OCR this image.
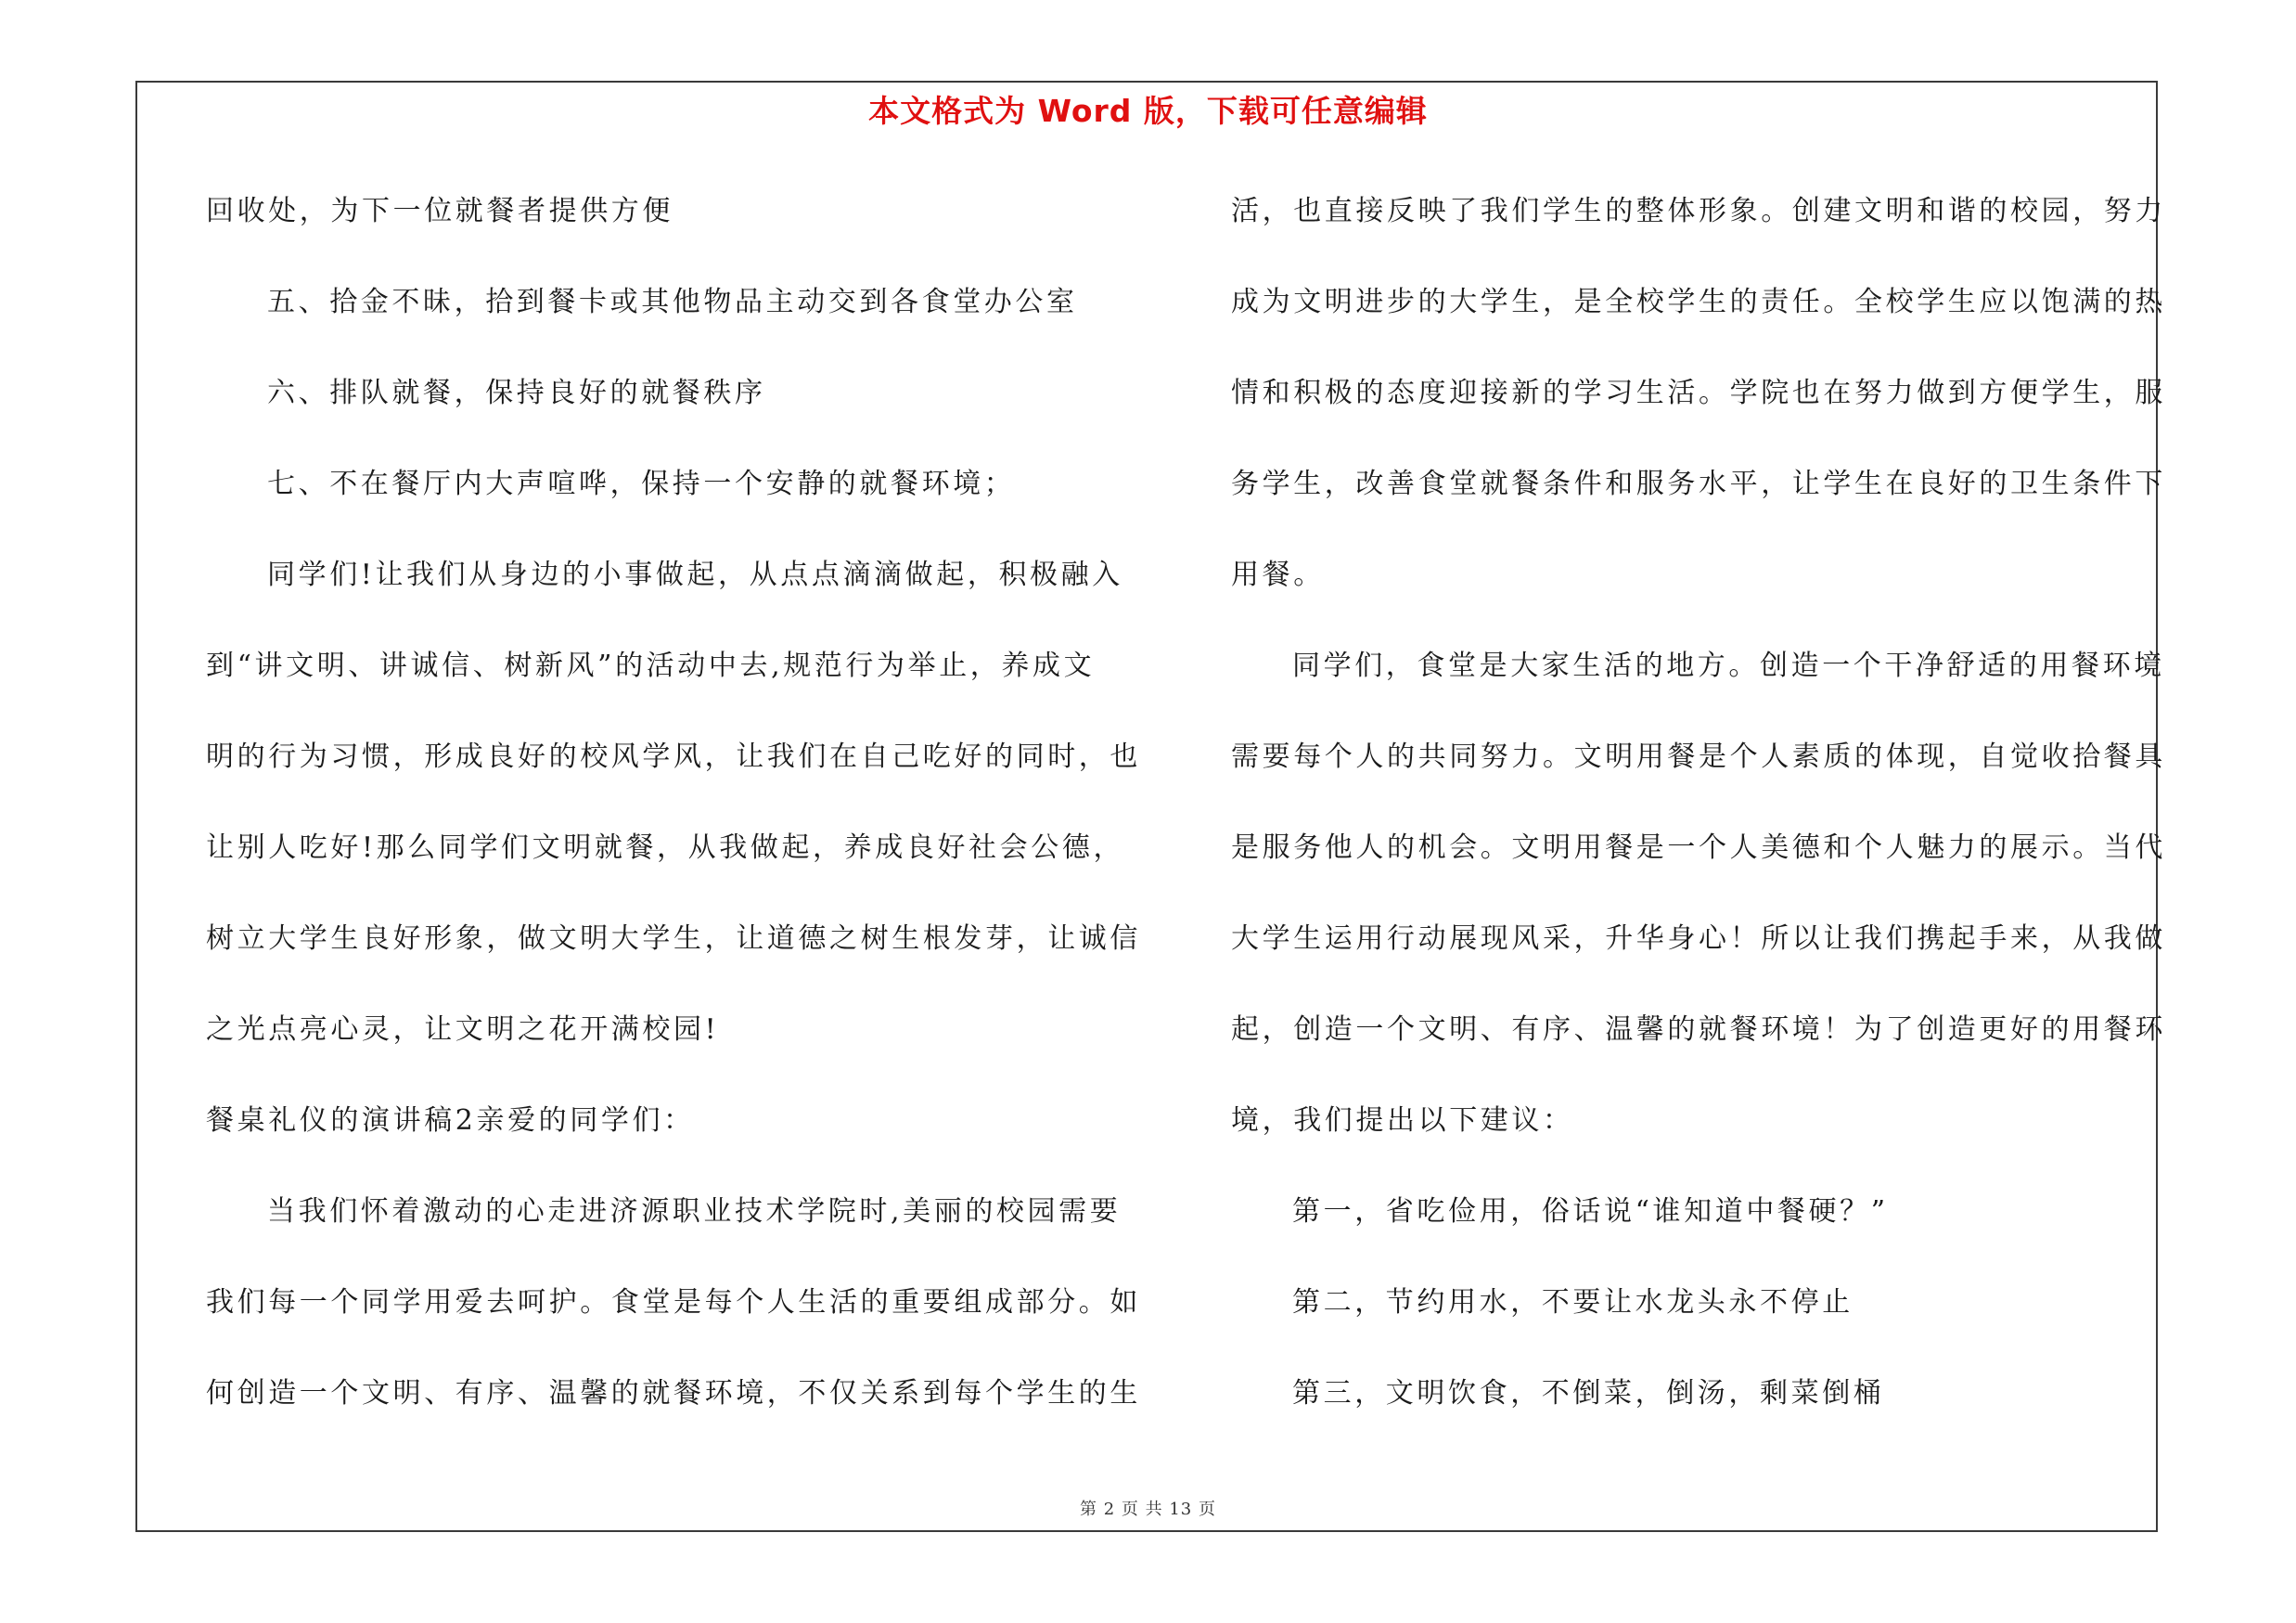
本文格式为 Word 版，下载可任意编辑
回收处，为下一位就餐者提供方便
五、拾金不昧，拾到餐卡或其他物品主动交到各食堂办公室
六、排队就餐，保持良好的就餐秩序
七、不在餐厅内大声喧哗，保持一个安静的就餐环境；
同学们!让我们从身边的小事做起，从点点滴滴做起，积极融入
到“讲文明、讲诚信、树新风”的活动中去,规范行为举止，养成文
明的行为习惯，形成良好的校风学风，让我们在自己吃好的同时，也
让别人吃好!那么同学们文明就餐，从我做起，养成良好社会公德，
树立大学生良好形象，做文明大学生，让道德之树生根发芽，让诚信
之光点亮心灵，让文明之花开满校园!
餐桌礼仪的演讲稿2亲爱的同学们：
当我们怀着激动的心走进济源职业技术学院时,美丽的校园需要
我们每一个同学用爱去呵护。食堂是每个人生活的重要组成部分。如
何创造一个文明、有序、温馨的就餐环境，不仅关系到每个学生的生
活，也直接反映了我们学生的整体形象。创建文明和谐的校园，努力
成为文明进步的大学生，是全校学生的责任。全校学生应以饱满的热
情和积极的态度迎接新的学习生活。学院也在努力做到方便学生，服
务学生，改善食堂就餐条件和服务水平，让学生在良好的卫生条件下
用餐。
同学们，食堂是大家生活的地方。创造一个干净舒适的用餐环境
需要每个人的共同努力。文明用餐是个人素质的体现，自觉收拾餐具
是服务他人的机会。文明用餐是一个人美德和个人魅力的展示。当代
大学生运用行动展现风采，升华身心！所以让我们携起手来，从我做
起，创造一个文明、有序、温馨的就餐环境！为了创造更好的用餐环
境，我们提出以下建议：
第一，省吃俭用，俗话说“谁知道中餐硬？”
第二，节约用水，不要让水龙头永不停止
第三，文明饮食，不倒菜，倒汤，剩菜倒桶
第 2 页 共 13 页
